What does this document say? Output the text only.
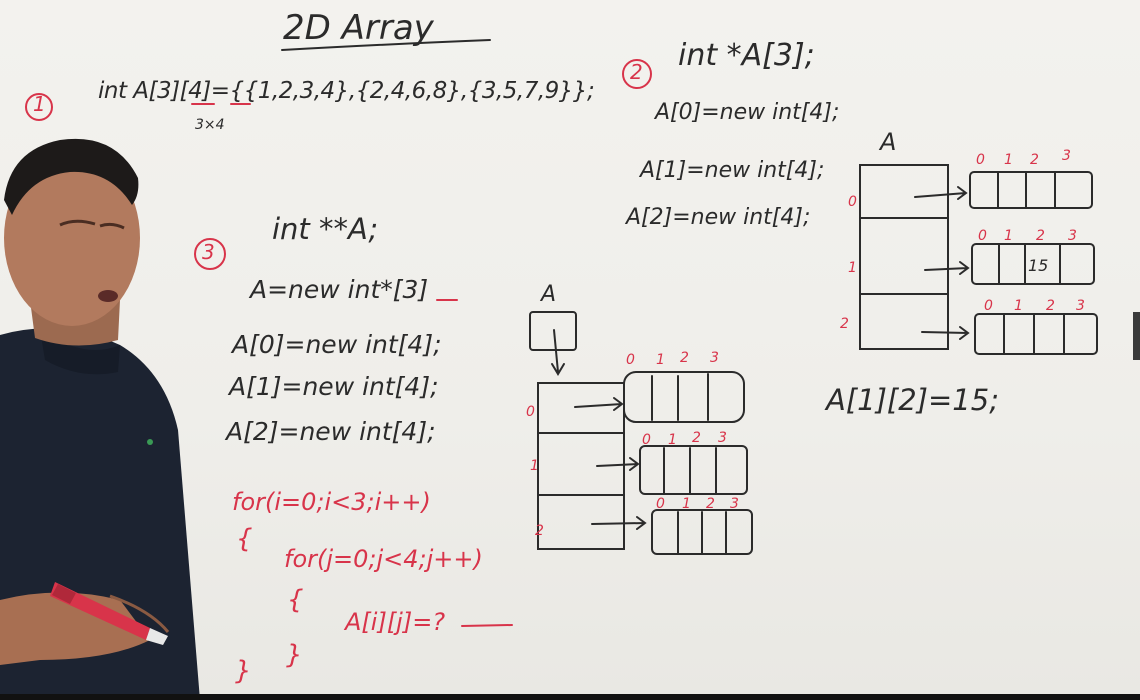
2D Array
1 int A[3][4]={{1,2,3,4},{2,4,6,8},{3,5,7,9}};
3×4
2 int *A[3];
A[0]=new int[4];
A[1]=new int[4];
A[2]=new int[4];
A
A[1][2]=15;
3
int **A;
A=new int*[3]
A[0]=new int[4];
A[1]=new int[4];
A[2]=new int[4];
for(i=0;i<3;i++)
{
for(j=0;j<4;j++)
{
A[i][j]=?
}
}
A
0
1
2
0 1 2 3
0 1 2 3
0 1 2 3
0
1
2
0 1 2 3
0 1 2 3
0 1 2 3
15
